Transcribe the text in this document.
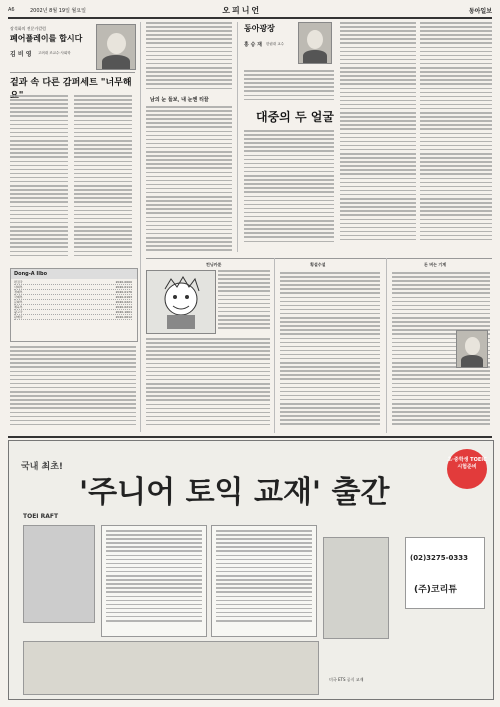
A6	2002년 8월 19일 월요일	오피니언	동아일보
장석화의 전문가칼럼
폐어플레이를 합시다
김 비 영 고려대 조교수·사회학
겉과 속 다른 감퍼세트 "너무해
Dong-A Ilbo
편집국	2020-0000
사회부	2020-0114
경제부	2020-0176
국제부	2020-0193
문화부	2020-0221
체육부	2020-0214
광고국	2020-1601
판매국	2020-0612
남의 눈 들보, 내 눈엔 티끌
동아광장
홍 승 재 한림대 교수
대중의 두 얼굴
컨닝카툰	횡설수설	돈 버는 기계
국내 최초!
'주니어 토익 교재' 출간
초·중학생 TOEIC 시험준비
TOEI RAFT
(02)3275-0333
(주)코리튜
미국 ETS 공식 교재
